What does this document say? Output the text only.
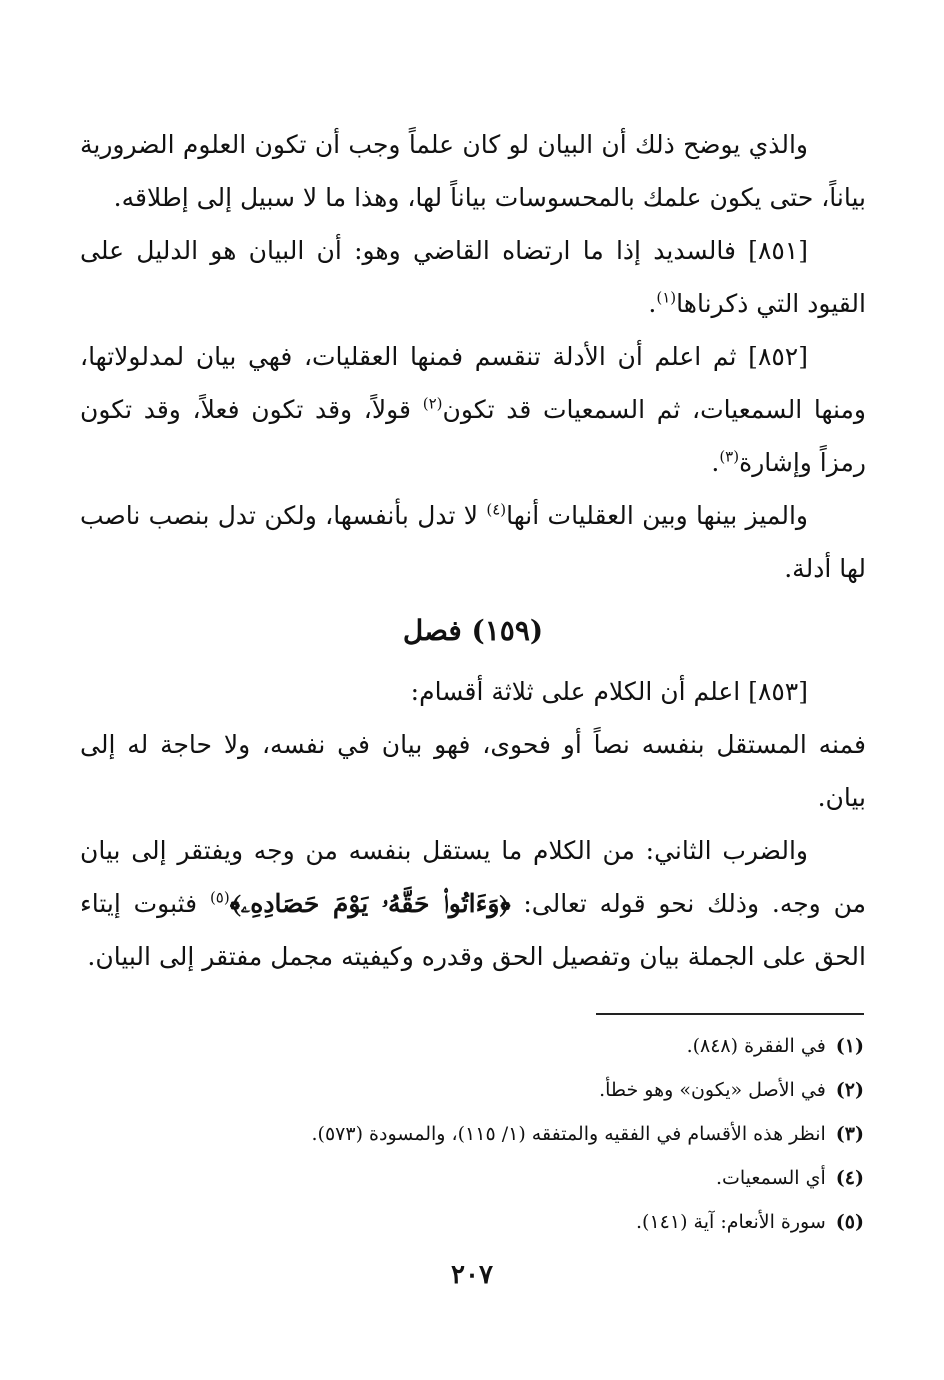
والذي يوضح ذلك أن البيان لو كان علماً وجب أن تكون العلوم الضرورية بياناً، حتى يكون علمك بالمحسوسات بياناً لها، وهذا ما لا سبيل إلى إطلاقه.

[٨٥١] فالسديد إذا ما ارتضاه القاضي وهو: أن البيان هو الدليل على القيود التي ذكرناها$^{(١)}$.

[٨٥٢] ثم اعلم أن الأدلة تنقسم فمنها العقليات، فهي بيان لمدلولاتها، ومنها السمعيات، ثم السمعيات قد تكون$^{(٢)}$ قولاً، وقد تكون فعلاً، وقد تكون رمزاً وإشارة$^{(٣)}$.

والميز بينها وبين العقليات أنها$^{(٤)}$ لا تدل بأنفسها، ولكن تدل بنصب ناصب لها أدلة.

(١٥٩) فصل

[٨٥٣] اعلم أن الكلام على ثلاثة أقسام:

فمنه المستقل بنفسه نصاً أو فحوى، فهو بيان في نفسه، ولا حاجة له إلى بيان.

والضرب الثاني: من الكلام ما يستقل بنفسه من وجه ويفتقر إلى بيان من وجه. وذلك نحو قوله تعالى: ﴿وَءَاتُوا۟ حَقَّهُۥ يَوْمَ حَصَادِهِۦ﴾$^{(٥)}$ فثبوت إيتاء الحق على الجملة بيان وتفصيل الحق وقدره وكيفيته مجمل مفتقر إلى البيان.

(١)في الفقرة (٨٤٨).
(٢)في الأصل «يكون» وهو خطأ.
(٣)انظر هذه الأقسام في الفقيه والمتفقه (١/ ١١٥)، والمسودة (٥٧٣).
(٤)أي السمعيات.
(٥)سورة الأنعام: آية (١٤١).
٢٠٧
